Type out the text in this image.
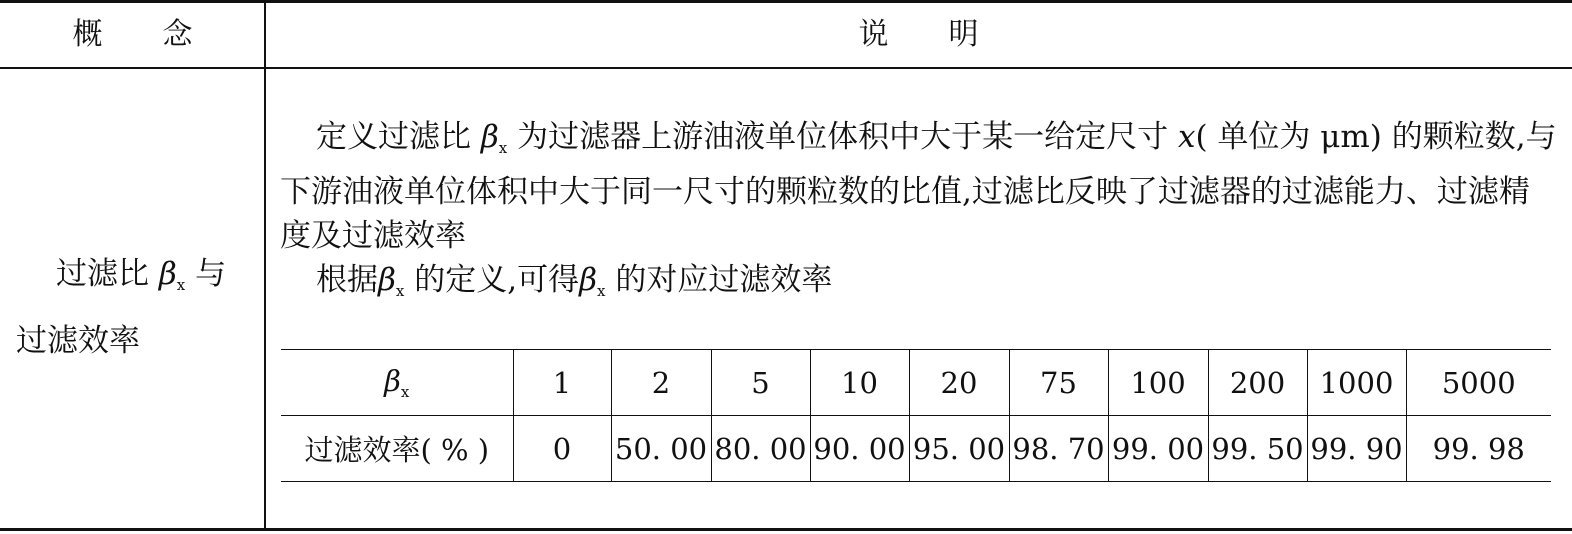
概　　念	说　　明
过滤比 $\beta_x$ 与
过滤效率

定义过滤比 $\beta_x$ 为过滤器上游油液单位体积中大于某一给定尺寸 x( 单位为 μm) 的颗粒数,与下游油液单位体积中大于同一尺寸的颗粒数的比值,过滤比反映了过滤器的过滤能力、过滤精度及过滤效率

根据$\beta_x$ 的定义,可得$\beta_x$ 的对应过滤效率

$\beta_x$	1	2	5	10	20	75	100	200	1000	5000
过滤效率( % )	0	50. 00	80. 00	90. 00	95. 00	98. 70	99. 00	99. 50	99. 90	99. 98
